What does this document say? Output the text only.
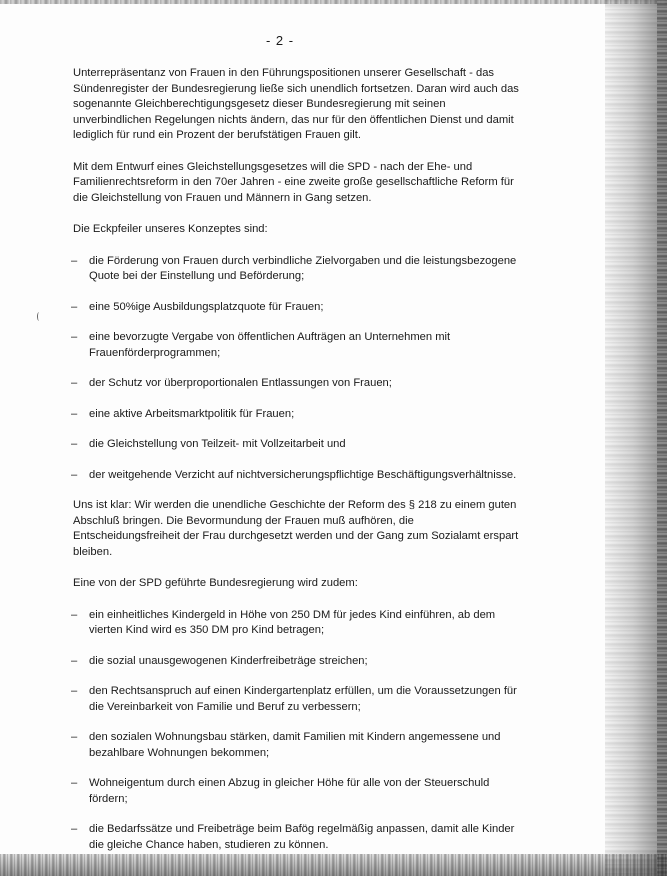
- 2 -

Unterrepräsentanz von Frauen in den Führungspositionen unserer Gesellschaft - das Sündenregister der Bundesregierung ließe sich unendlich fortsetzen. Daran wird auch das sogenannte Gleichberechtigungsgesetz dieser Bundesregierung mit seinen unverbindlichen Regelungen nichts ändern, das nur für den öffentlichen Dienst und damit lediglich für rund ein Prozent der berufstätigen Frauen gilt.

Mit dem Entwurf eines Gleichstellungsgesetzes will die SPD - nach der Ehe- und Familienrechtsreform in den 70er Jahren - eine zweite große gesellschaftliche Reform für die Gleichstellung von Frauen und Männern in Gang setzen.

Die Eckpfeiler unseres Konzeptes sind:

– die Förderung von Frauen durch verbindliche Zielvorgaben und die leistungsbezogene Quote bei der Einstellung und Beförderung;
– eine 50%ige Ausbildungsplatzquote für Frauen;
– eine bevorzugte Vergabe von öffentlichen Aufträgen an Unternehmen mit Frauenförderprogrammen;
– der Schutz vor überproportionalen Entlassungen von Frauen;
– eine aktive Arbeitsmarktpolitik für Frauen;
– die Gleichstellung von Teilzeit- mit Vollzeitarbeit und
– der weitgehende Verzicht auf nichtversicherungspflichtige Beschäftigungsverhältnisse.

Uns ist klar: Wir werden die unendliche Geschichte der Reform des § 218 zu einem guten Abschluß bringen. Die Bevormundung der Frauen muß aufhören, die Entscheidungsfreiheit der Frau durchgesetzt werden und der Gang zum Sozialamt erspart bleiben.

Eine von der SPD geführte Bundesregierung wird zudem:

– ein einheitliches Kindergeld in Höhe von 250 DM für jedes Kind einführen, ab dem vierten Kind wird es 350 DM pro Kind betragen;
– die sozial unausgewogenen Kinderfreibeträge streichen;
– den Rechtsanspruch auf einen Kindergartenplatz erfüllen, um die Voraussetzungen für die Vereinbarkeit von Familie und Beruf zu verbessern;
– den sozialen Wohnungsbau stärken, damit Familien mit Kindern angemessene und bezahlbare Wohnungen bekommen;
– Wohneigentum durch einen Abzug in gleicher Höhe für alle von der Steuerschuld fördern;
– die Bedarfssätze und Freibeträge beim Bafög regelmäßig anpassen, damit alle Kinder die gleiche Chance haben, studieren zu können.
